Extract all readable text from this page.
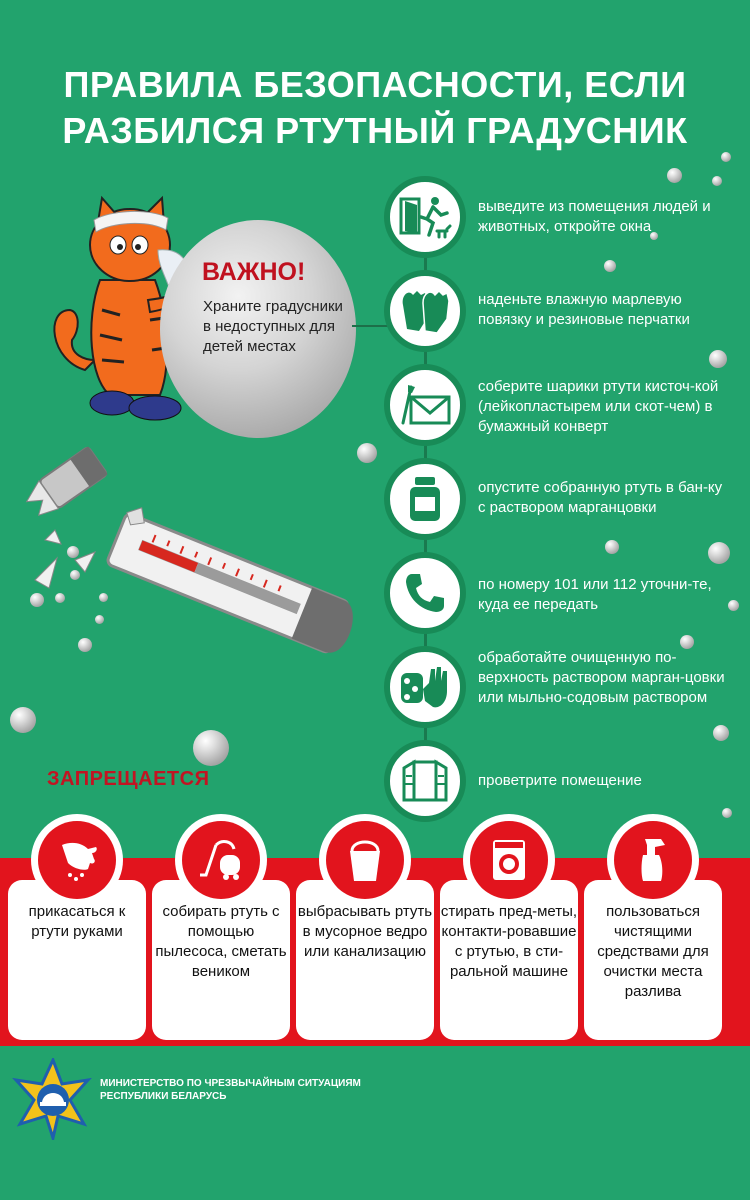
ПРАВИЛА БЕЗОПАСНОСТИ, ЕСЛИ
РАЗБИЛСЯ РТУТНЫЙ ГРАДУСНИК
ВАЖНО!
Храните градусники в недоступных для детей местах
выведите из помещения людей и животных, откройте окна
наденьте влажную марлевую повязку и резиновые перчатки
соберите шарики ртути кисточ-кой (лейкопластырем или скот-чем) в бумажный конверт
опустите собранную ртуть в бан-ку с раствором марганцовки
по номеру 101 или 112 уточни-те, куда ее передать
обработайте очищенную по-верхность раствором марган-цовки или мыльно-содовым раствором
проветрите помещение
ЗАПРЕЩАЕТСЯ
прикасаться к ртути руками
собирать ртуть с помощью пылесоса, сметать веником
выбрасывать ртуть в мусорное ведро или канализацию
стирать пред-меты, контакти-ровавшие с ртутью, в сти-ральной машине
пользоваться чистящими средствами для очистки места разлива
МИНИСТЕРСТВО ПО ЧРЕЗВЫЧАЙНЫМ СИТУАЦИЯМ
РЕСПУБЛИКИ БЕЛАРУСЬ
